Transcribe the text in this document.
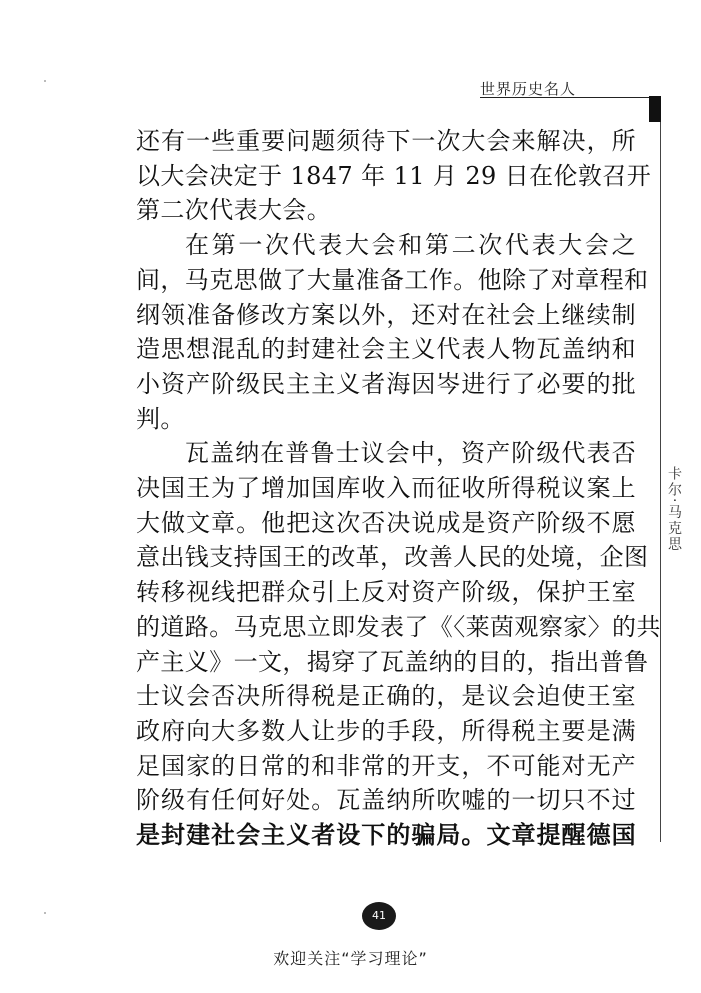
世界历史名人
卡尔·马克思
还有一些重要问题须待下一次大会来解决，所
以大会决定于 1847 年 11 月 29 日在伦敦召开
第二次代表大会。
在第一次代表大会和第二次代表大会之
间，马克思做了大量准备工作。他除了对章程和
纲领准备修改方案以外，还对在社会上继续制
造思想混乱的封建社会主义代表人物瓦盖纳和
小资产阶级民主主义者海因岑进行了必要的批
判。
瓦盖纳在普鲁士议会中，资产阶级代表否
决国王为了增加国库收入而征收所得税议案上
大做文章。他把这次否决说成是资产阶级不愿
意出钱支持国王的改革，改善人民的处境，企图
转移视线把群众引上反对资产阶级，保护王室
的道路。马克思立即发表了《〈莱茵观察家〉的共
产主义》一文，揭穿了瓦盖纳的目的，指出普鲁
士议会否决所得税是正确的，是议会迫使王室
政府向大多数人让步的手段，所得税主要是满
足国家的日常的和非常的开支，不可能对无产
阶级有任何好处。瓦盖纳所吹嘘的一切只不过
是封建社会主义者设下的骗局。文章提醒德国
41
欢迎关注“学习理论”
